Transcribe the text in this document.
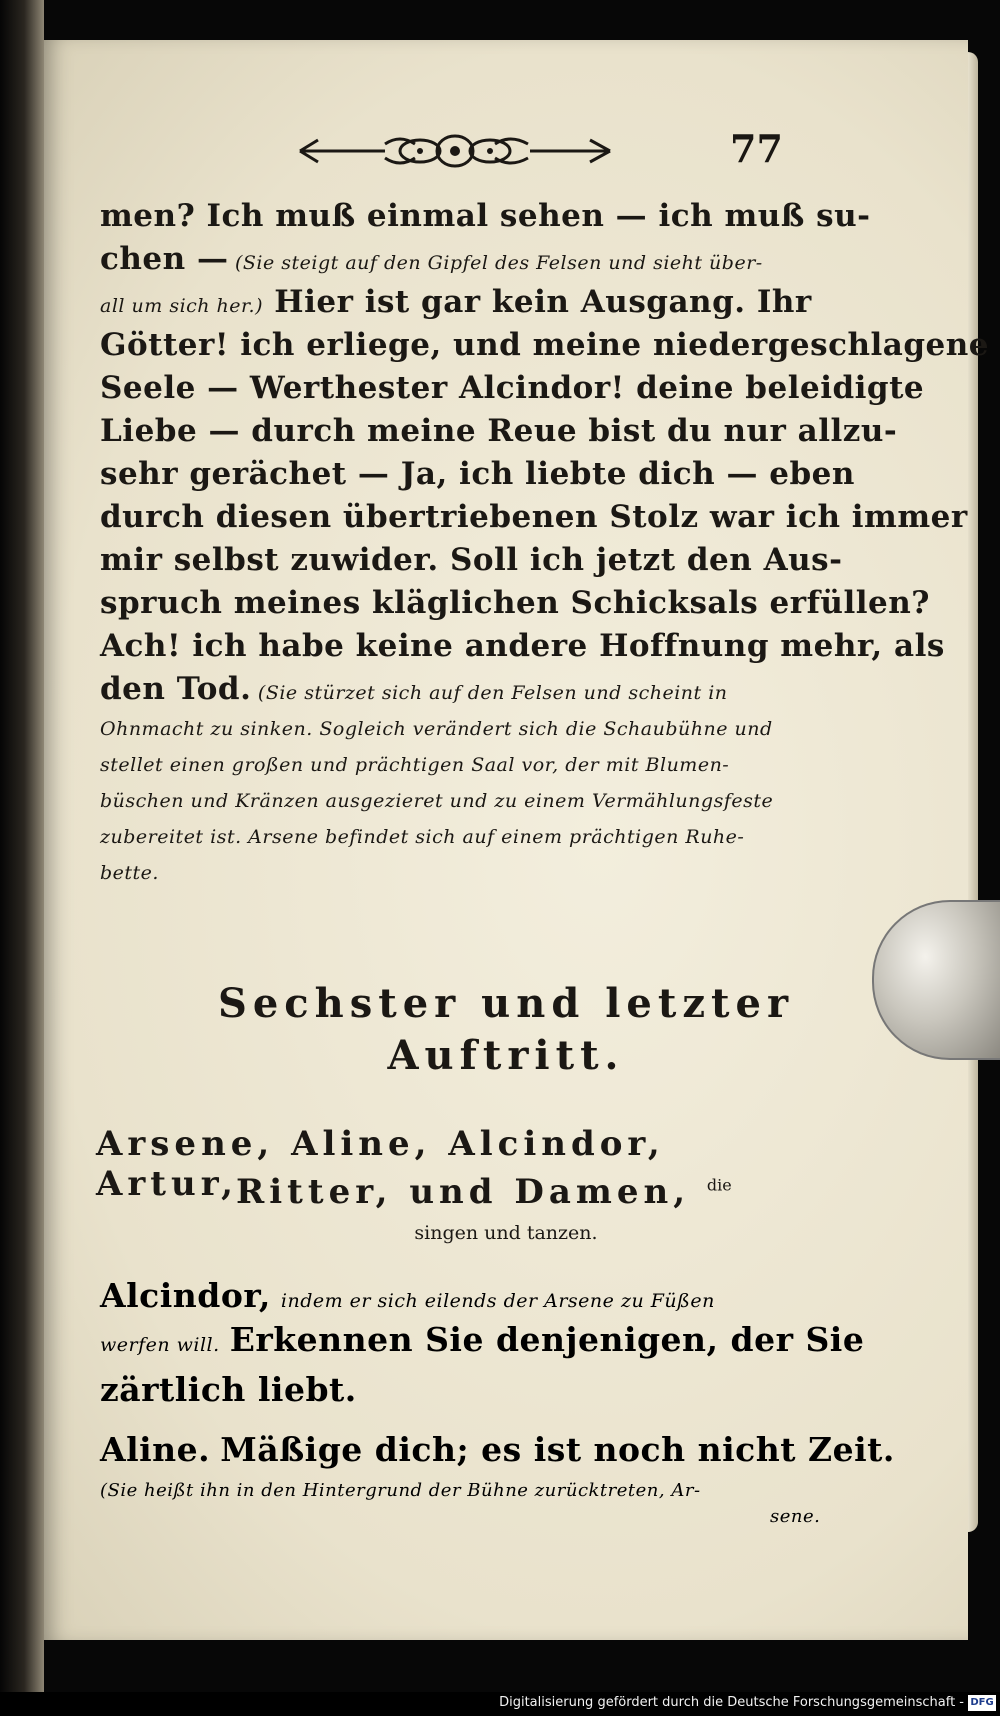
77
men? Ich muß einmal sehen — ich muß su-
chen — (Sie steigt auf den Gipfel des Felsen und sieht über-
all um sich her.) Hier ist gar kein Ausgang. Ihr
Götter! ich erliege, und meine niedergeschlagene
Seele — Werthester Alcindor! deine beleidigte
Liebe — durch meine Reue bist du nur allzu-
sehr gerächet — Ja, ich liebte dich — eben
durch diesen übertriebenen Stolz war ich immer
mir selbst zuwider. Soll ich jetzt den Aus-
spruch meines kläglichen Schicksals erfüllen?
Ach! ich habe keine andere Hoffnung mehr, als
den Tod. (Sie stürzet sich auf den Felsen und scheint in
Ohnmacht zu sinken. Sogleich verändert sich die Schaubühne und
stellet einen großen und prächtigen Saal vor, der mit Blumen-
büschen und Kränzen ausgezieret und zu einem Vermählungsfeste
zubereitet ist. Arsene befindet sich auf einem prächtigen Ruhe-
bette.
Sechster und letzter
Auftritt.
Arsene, Aline, Alcindor, Artur,
Ritter, und Damen, $^{die}$
singen und tanzen.
Alcindor, indem er sich eilends der Arsene zu Füßen
werfen will. Erkennen Sie denjenigen, der Sie
zärtlich liebt.
Aline. Mäßige dich; es ist noch nicht Zeit.
(Sie heißt ihn in den Hintergrund der Bühne zurücktreten, Ar-
sene.
Digitalisierung gefördert durch die Deutsche Forschungsgemeinschaft - DFG
